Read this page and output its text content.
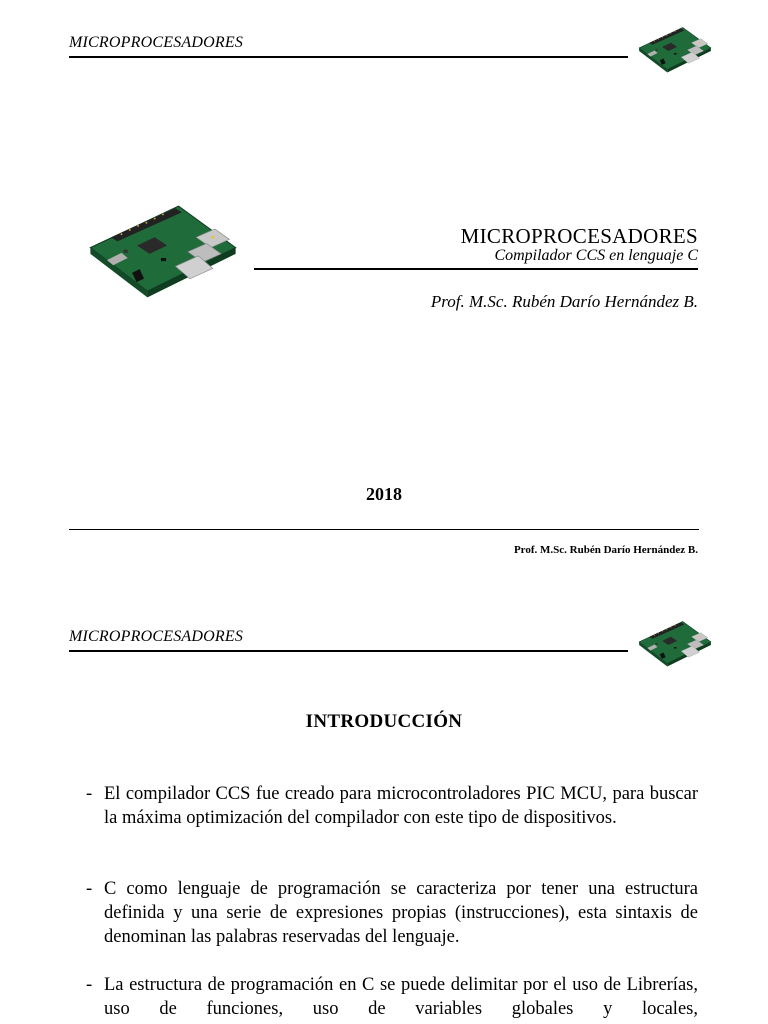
MICROPROCESADORES
MICROPROCESADORES
Compilador CCS en lenguaje C
Prof. M.Sc. Rubén Darío Hernández B.
2018
Prof. M.Sc. Rubén Darío Hernández B.
MICROPROCESADORES
INTRODUCCIÓN
- El compilador CCS fue creado para microcontroladores PIC MCU, para buscar la máxima optimización del compilador con este tipo de dispositivos.
- C como lenguaje de programación se caracteriza por tener una estructura definida y una serie de expresiones propias (instrucciones), esta sintaxis de denominan las palabras reservadas del lenguaje.
- La estructura de programación en C se puede delimitar por el uso de Librerías, uso de funciones, uso de variables globales y locales,
